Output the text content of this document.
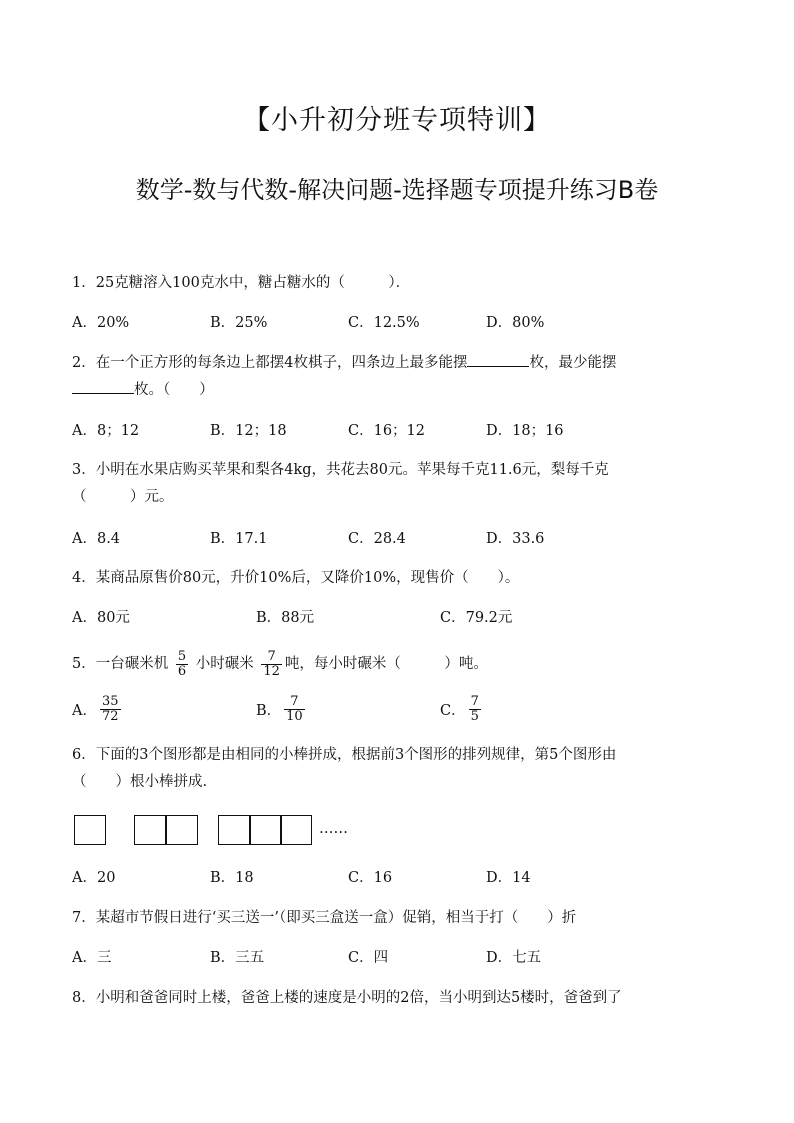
【小升初分班专项特训】
数学-数与代数-解决问题-选择题专项提升练习B卷
1．25克糖溶入100克水中，糖占糖水的（　　　）．
A．20%	B．25%	C．12.5%	D．80%
2．在一个正方形的每条边上都摆4枚棋子，四条边上最多能摆	枚，最少能摆
枚。（　　）
A．8；12	B．12；18	C．16；12	D．18；16
3．小明在水果店购买苹果和梨各4kg，共花去80元。苹果每千克11.6元，梨每千克
（　　　）元。
A．8.4	B．17.1	C．28.4	D．33.6
4．某商品原售价80元，升价10%后，又降价10%，现售价（　　）。
A．80元	B．88元	C．79.2元
5．一台碾米机 $\frac{5}{6}$ 小时碾米 $\frac{7}{12}$ 吨，每小时碾米（　　　）吨。
A． $\frac{35}{72}$	B． $\frac{7}{10}$	C． $\frac{7}{5}$
6．下面的3个图形都是由相同的小棒拼成，根据前3个图形的排列规律，第5个图形由
（　　）根小棒拼成.
……
A．20	B．18	C．16	D．14
7．某超市节假日进行‘买三送一’（即买三盒送一盒）促销，相当于打（　　）折
A．三	B．三五	C．四	D．七五
8．小明和爸爸同时上楼，爸爸上楼的速度是小明的2倍，当小明到达5楼时，爸爸到了
